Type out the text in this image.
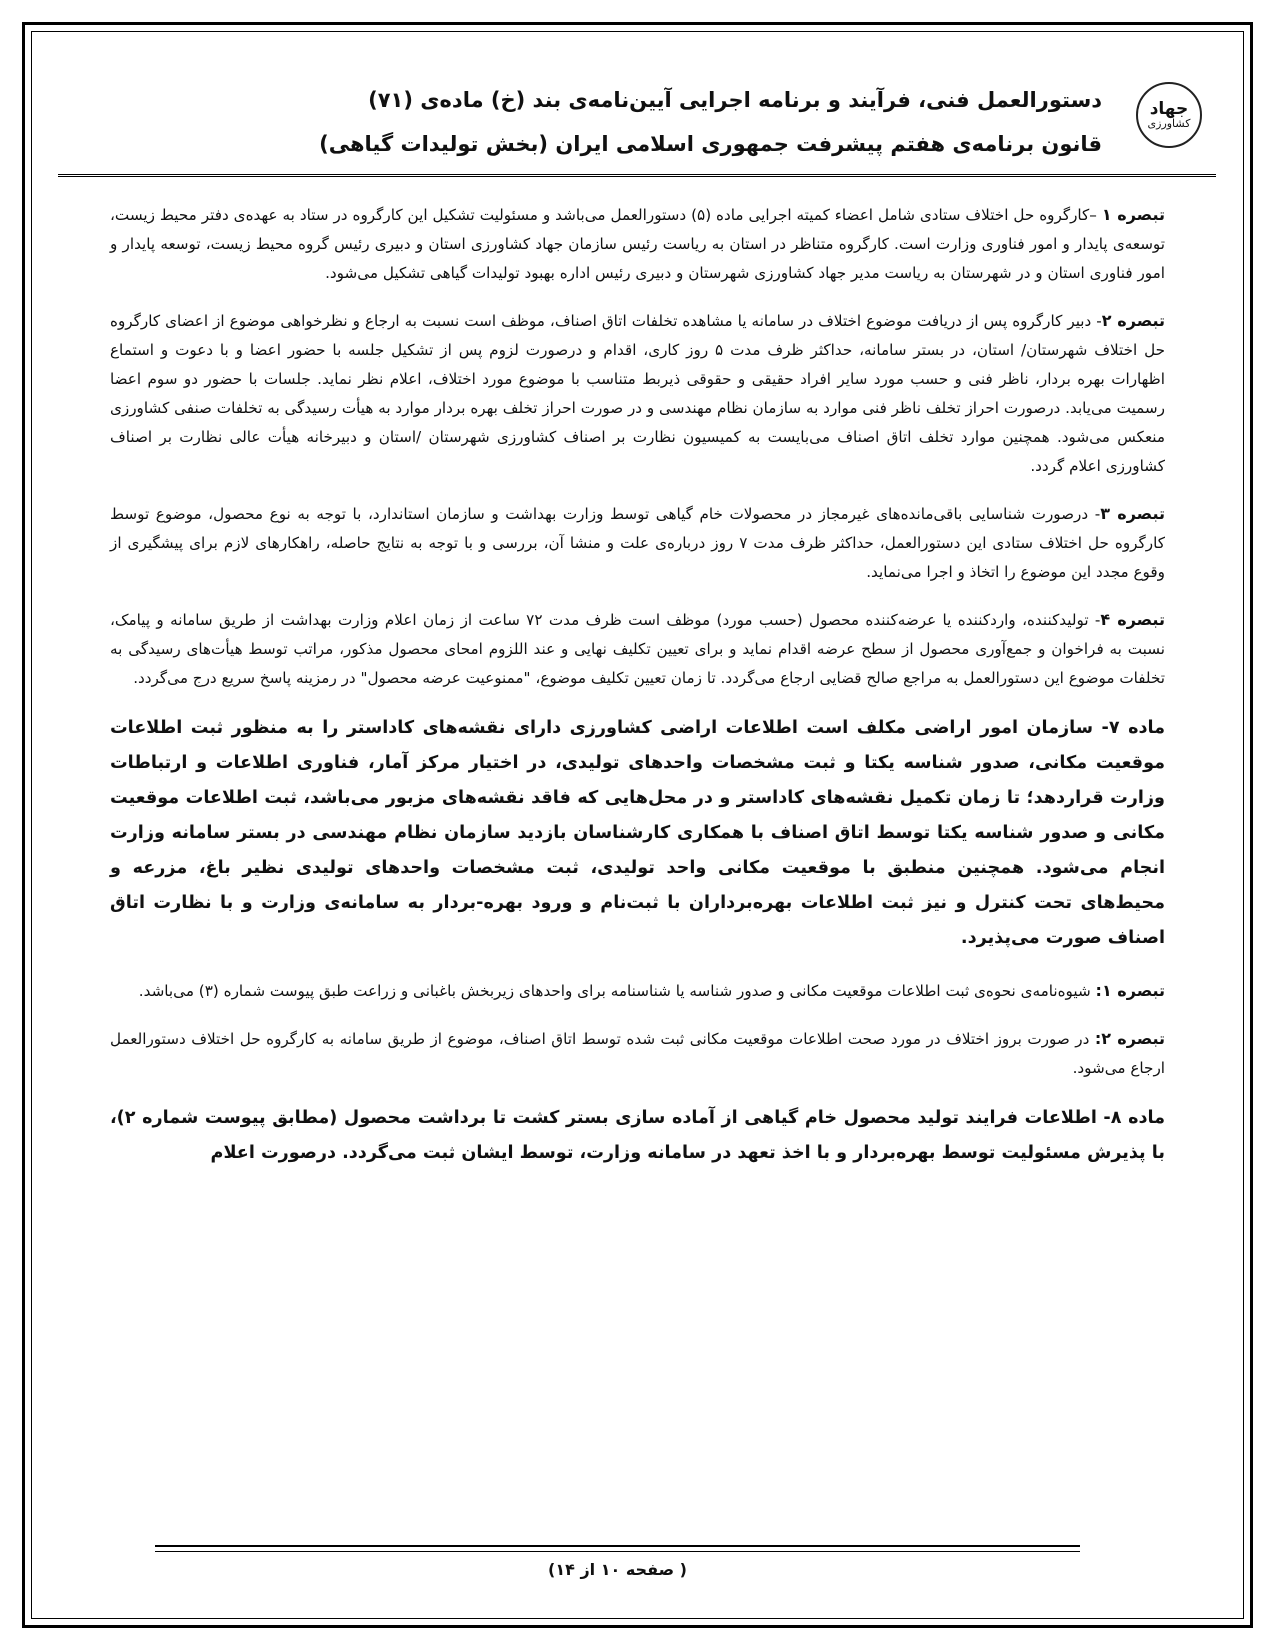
دستورالعمل فنی، فرآیند و برنامه اجرایی آیین‌نامه‌ی بند (خ) ماده‌ی (۷۱)
قانون برنامه‌ی هفتم پیشرفت جمهوری اسلامی ایران (بخش تولیدات گیاهی)
جهاد
کشاورزی

تبصره ۱ –کارگروه حل اختلاف ستادی شامل اعضاء کمیته اجرایی ماده (۵) دستورالعمل می‌باشد و مسئولیت تشکیل این کارگروه در ستاد به عهده‌ی دفتر محیط زیست، توسعه‌ی پایدار و امور فناوری وزارت است. کارگروه متناظر در استان به ریاست رئیس سازمان جهاد کشاورزی استان و دبیری رئیس گروه محیط زیست، توسعه پایدار و امور فناوری استان و در شهرستان به ریاست مدیر جهاد کشاورزی شهرستان و دبیری رئیس اداره بهبود تولیدات گیاهی تشکیل می‌شود.

تبصره ۲- دبیر کارگروه پس از دریافت موضوع اختلاف در سامانه یا مشاهده تخلفات اتاق اصناف، موظف است نسبت به ارجاع و نظرخواهی موضوع از اعضای کارگروه حل اختلاف شهرستان/ استان، در بستر سامانه، حداکثر ظرف مدت ۵ روز کاری، اقدام و درصورت لزوم پس از تشکیل جلسه با حضور اعضا و با دعوت و استماع اظهارات بهره بردار، ناظر فنی و حسب مورد سایر افراد حقیقی و حقوقی ذیربط متناسب با موضوع مورد اختلاف، اعلام نظر نماید. جلسات با حضور دو سوم اعضا رسمیت می‌یابد. درصورت احراز تخلف ناظر فنی موارد به سازمان نظام مهندسی و در صورت احراز تخلف بهره بردار موارد به هیأت رسیدگی به تخلفات صنفی کشاورزی منعکس می‌شود. همچنین موارد تخلف اتاق اصناف می‌بایست به کمیسیون نظارت بر اصناف کشاورزی شهرستان /استان و دبیرخانه هیأت عالی نظارت بر اصناف کشاورزی اعلام گردد.

تبصره ۳- درصورت شناسایی باقی‌مانده‌های غیرمجاز در محصولات خام گیاهی توسط وزارت بهداشت و سازمان استاندارد، با توجه به نوع محصول، موضوع توسط کارگروه حل اختلاف ستادی این دستورالعمل، حداکثر ظرف مدت ۷ روز درباره‌ی علت و منشا آن، بررسی و با توجه به نتایج حاصله، راهکارهای لازم برای پیشگیری از وقوع مجدد این موضوع را اتخاذ و اجرا می‌نماید.

تبصره ۴- تولیدکننده، واردکننده یا عرضه‌کننده محصول (حسب مورد) موظف است ظرف مدت ۷۲ ساعت از زمان اعلام وزارت بهداشت از طریق سامانه و پیامک، نسبت به فراخوان و جمع‌آوری محصول از سطح عرضه اقدام نماید و برای تعیین تکلیف نهایی و عند اللزوم امحای محصول مذکور، مراتب توسط هیأت‌های رسیدگی به تخلفات موضوع این دستورالعمل به مراجع صالح قضایی ارجاع می‌گردد. تا زمان تعیین تکلیف موضوع، "ممنوعیت عرضه محصول" در رمزینه پاسخ سریع درج می‌گردد.

ماده ۷- سازمان امور اراضی مکلف است اطلاعات اراضی کشاورزی دارای نقشه‌های کاداستر را به منظور ثبت اطلاعات موقعیت مکانی، صدور شناسه یکتا و ثبت مشخصات واحدهای تولیدی، در اختیار مرکز آمار، فناوری اطلاعات و ارتباطات وزارت قراردهد؛ تا زمان تکمیل نقشه‌های کاداستر و در محل‌هایی که فاقد نقشه‌های مزبور می‌باشد، ثبت اطلاعات موقعیت مکانی و صدور شناسه یکتا توسط اتاق اصناف با همکاری کارشناسان بازدید سازمان نظام مهندسی در بستر سامانه وزارت انجام می‌شود. همچنین منطبق با موقعیت مکانی واحد تولیدی، ثبت مشخصات واحدهای تولیدی نظیر باغ، مزرعه و محیط‌های تحت کنترل و نیز ثبت اطلاعات بهره‌برداران با ثبت‌نام و ورود بهره-بردار به سامانه‌ی وزارت و با نظارت اتاق اصناف صورت می‌پذیرد.

تبصره ۱: شیوه‌نامه‌ی نحوه‌ی ثبت اطلاعات موقعیت مکانی و صدور شناسه یا شناسنامه برای واحدهای زیربخش باغبانی و زراعت طبق پیوست شماره (۳) می‌باشد.

تبصره ۲: در صورت بروز اختلاف در مورد صحت اطلاعات موقعیت مکانی ثبت شده توسط اتاق اصناف، موضوع از طریق سامانه به کارگروه حل اختلاف دستورالعمل ارجاع می‌شود.

ماده ۸- اطلاعات فرایند تولید محصول خام گیاهی از آماده سازی بستر کشت تا برداشت محصول (مطابق پیوست شماره ۲)، با پذیرش مسئولیت توسط بهره‌بردار و با اخذ تعهد در سامانه وزارت، توسط ایشان ثبت می‌گردد. درصورت اعلام

( صفحه ۱۰ از ۱۴)
